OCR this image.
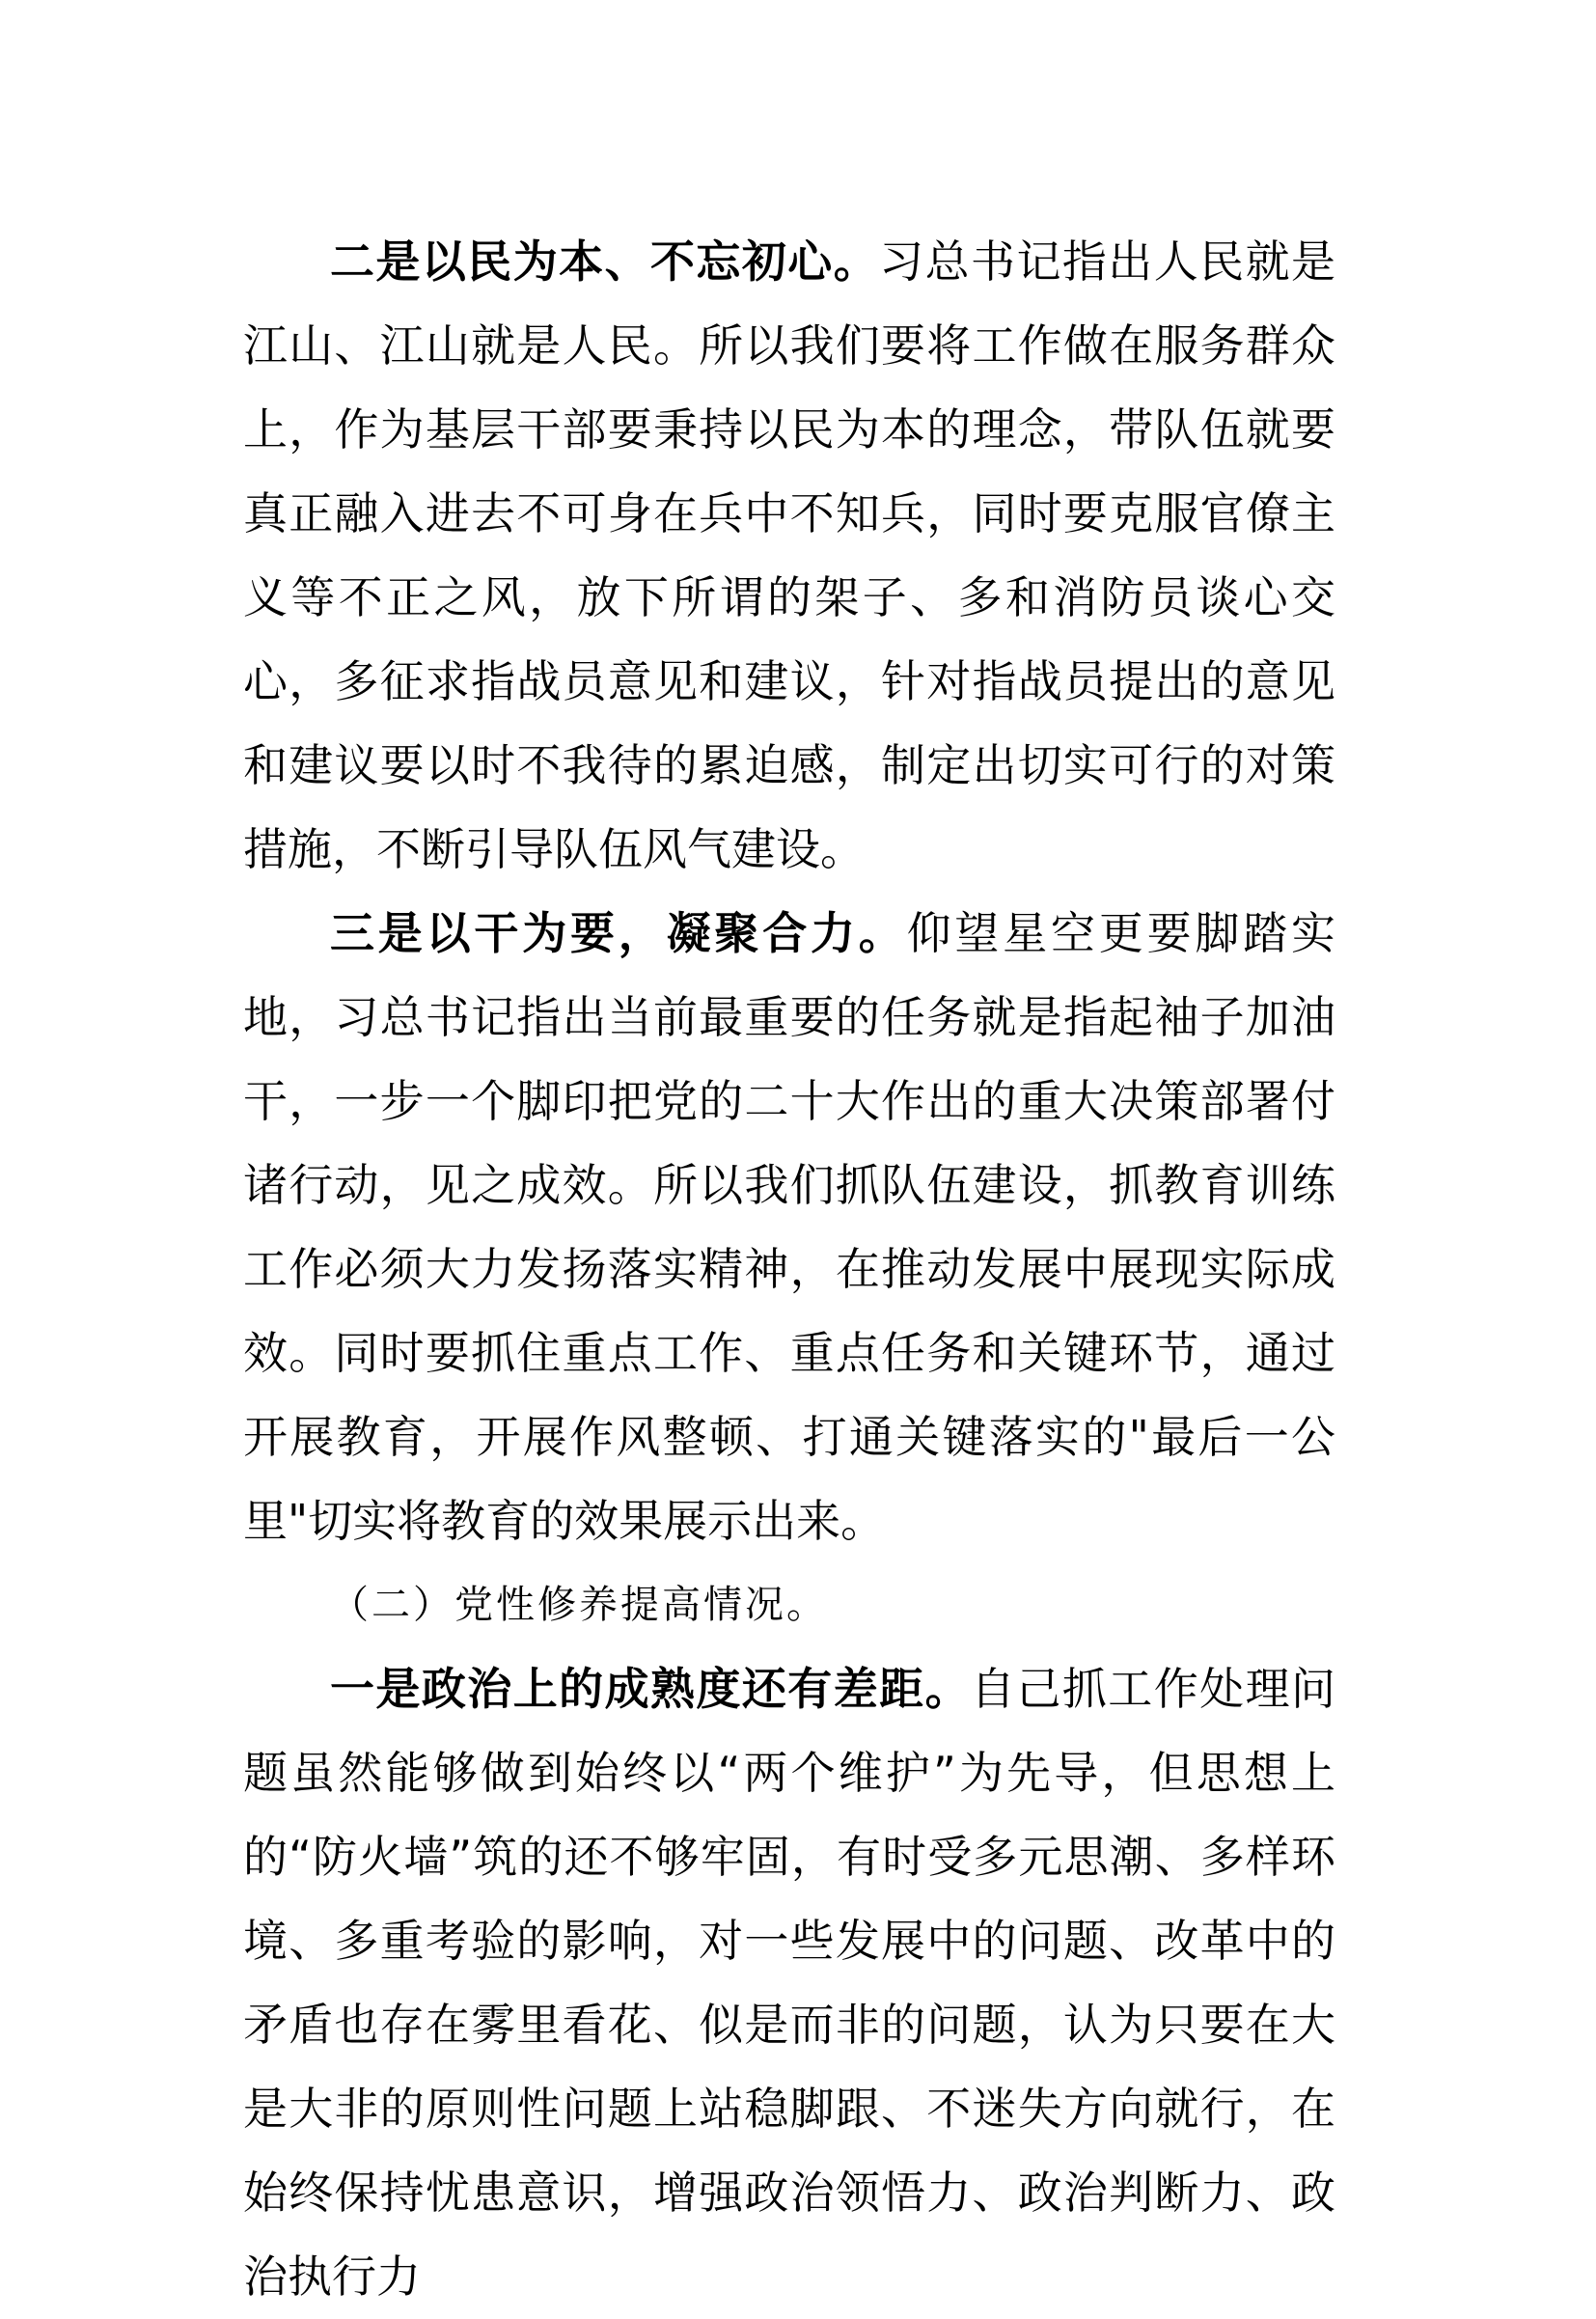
二是以民为本、不忘初心。习总书记指出人民就是江山、江山就是人民。所以我们要将工作做在服务群众上，作为基层干部要秉持以民为本的理念，带队伍就要真正融入进去不可身在兵中不知兵，同时要克服官僚主义等不正之风，放下所谓的架子、多和消防员谈心交心，多征求指战员意见和建议，针对指战员提出的意见和建议要以时不我待的累迫感，制定出切实可行的对策措施，不断引导队伍风气建设。

三是以干为要，凝聚合力。仰望星空更要脚踏实地，习总书记指出当前最重要的任务就是指起袖子加油干，一步一个脚印把党的二十大作出的重大决策部署付诸行动，见之成效。所以我们抓队伍建设，抓教育训练工作必须大力发扬落实精神，在推动发展中展现实际成效。同时要抓住重点工作、重点任务和关键环节，通过开展教育，开展作风整顿、打通关键落实的"最后一公里"切实将教育的效果展示出来。

（二）党性修养提高情况。

一是政治上的成熟度还有差距。自己抓工作处理问题虽然能够做到始终以“两个维护”为先导，但思想上的“防火墙”筑的还不够牢固，有时受多元思潮、多样环境、多重考验的影响，对一些发展中的问题、改革中的矛盾也存在雾里看花、似是而非的问题，认为只要在大是大非的原则性问题上站稳脚跟、不迷失方向就行，在始终保持忧患意识，增强政治领悟力、政治判断力、政治执行力
